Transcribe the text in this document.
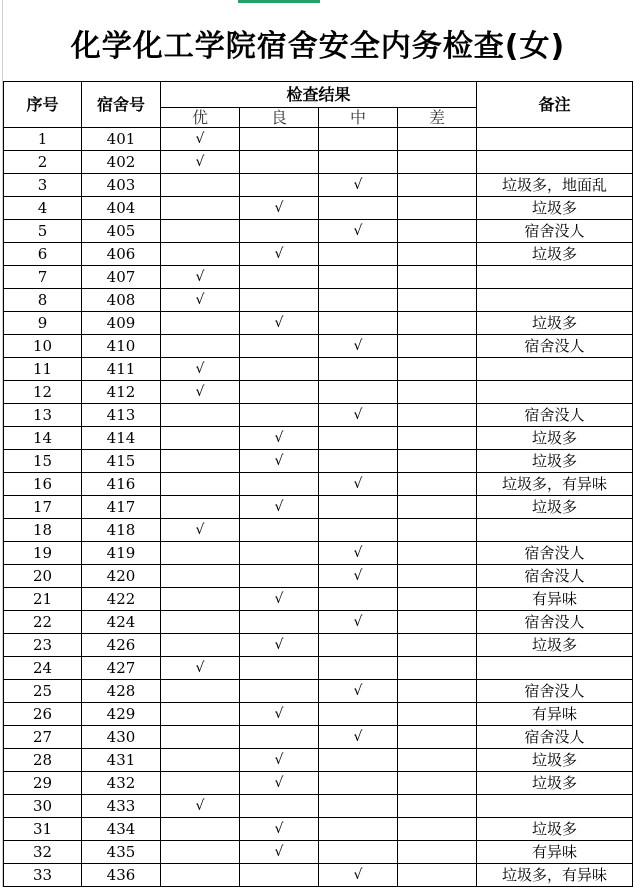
化学化工学院宿舍安全内务检查(女)
序号	宿舍号	检查结果				备注
		优	良	中	差	
1	401	√				
2	402	√				
3	403			√		垃圾多，地面乱
4	404		√			垃圾多
5	405			√		宿舍没人
6	406		√			垃圾多
7	407	√				
8	408	√				
9	409		√			垃圾多
10	410			√		宿舍没人
11	411	√				
12	412	√				
13	413			√		宿舍没人
14	414		√			垃圾多
15	415		√			垃圾多
16	416			√		垃圾多，有异味
17	417		√			垃圾多
18	418	√				
19	419			√		宿舍没人
20	420			√		宿舍没人
21	422		√			有异味
22	424			√		宿舍没人
23	426		√			垃圾多
24	427	√				
25	428			√		宿舍没人
26	429		√			有异味
27	430			√		宿舍没人
28	431		√			垃圾多
29	432		√			垃圾多
30	433	√				
31	434		√			垃圾多
32	435		√			有异味
33	436			√		垃圾多，有异味
